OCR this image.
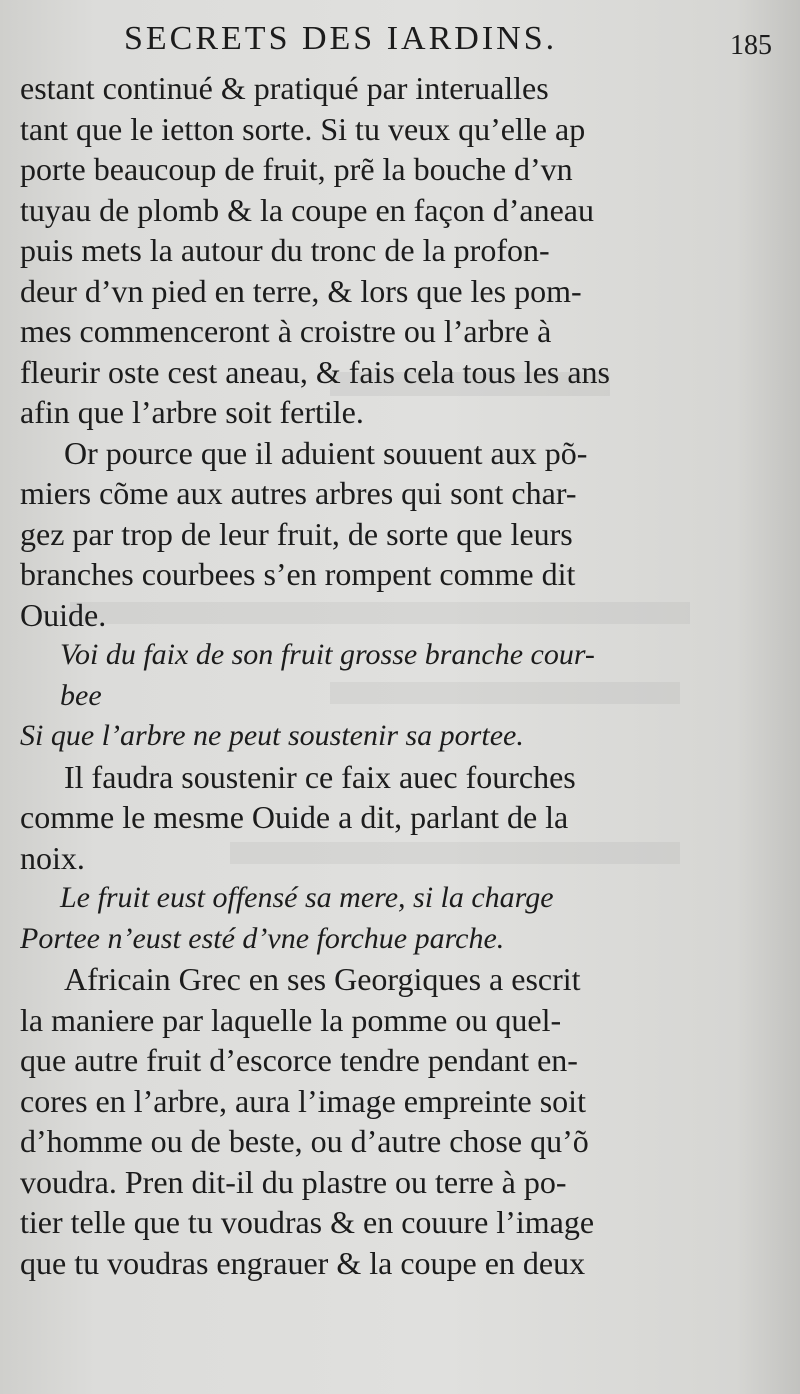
SECRETS DES IARDINS.	185
estant continué & pratiqué par interualles
tant que le ietton sorte. Si tu veux qu’elle ap
porte beaucoup de fruit, prẽ la bouche d’vn
tuyau de plomb & la coupe en façon d’aneau
puis mets la autour du tronc de la profon-
deur d’vn pied en terre, & lors que les pom-
mes commenceront à croistre ou l’arbre à
fleurir oste cest aneau, & fais cela tous les ans
afin que l’arbre soit fertile.
Or pource que il aduient souuent aux põ-
miers cõme aux autres arbres qui sont char-
gez par trop de leur fruit, de sorte que leurs
branches courbees s’en rompent comme dit
Ouide.
Voi du faix de son fruit grosse branche cour-
bee
Si que l’arbre ne peut soustenir sa portee.
Il faudra soustenir ce faix auec fourches
comme le mesme Ouide a dit, parlant de la
noix.
Le fruit eust offensé sa mere, si la charge
Portee n’eust esté d’vne forchue parche.
Africain Grec en ses Georgiques a escrit
la maniere par laquelle la pomme ou quel-
que autre fruit d’escorce tendre pendant en-
cores en l’arbre, aura l’image empreinte soit
d’homme ou de beste, ou d’autre chose qu’õ
voudra. Pren dit-il du plastre ou terre à po-
tier telle que tu voudras & en couure l’image
que tu voudras engrauer & la coupe en deux
